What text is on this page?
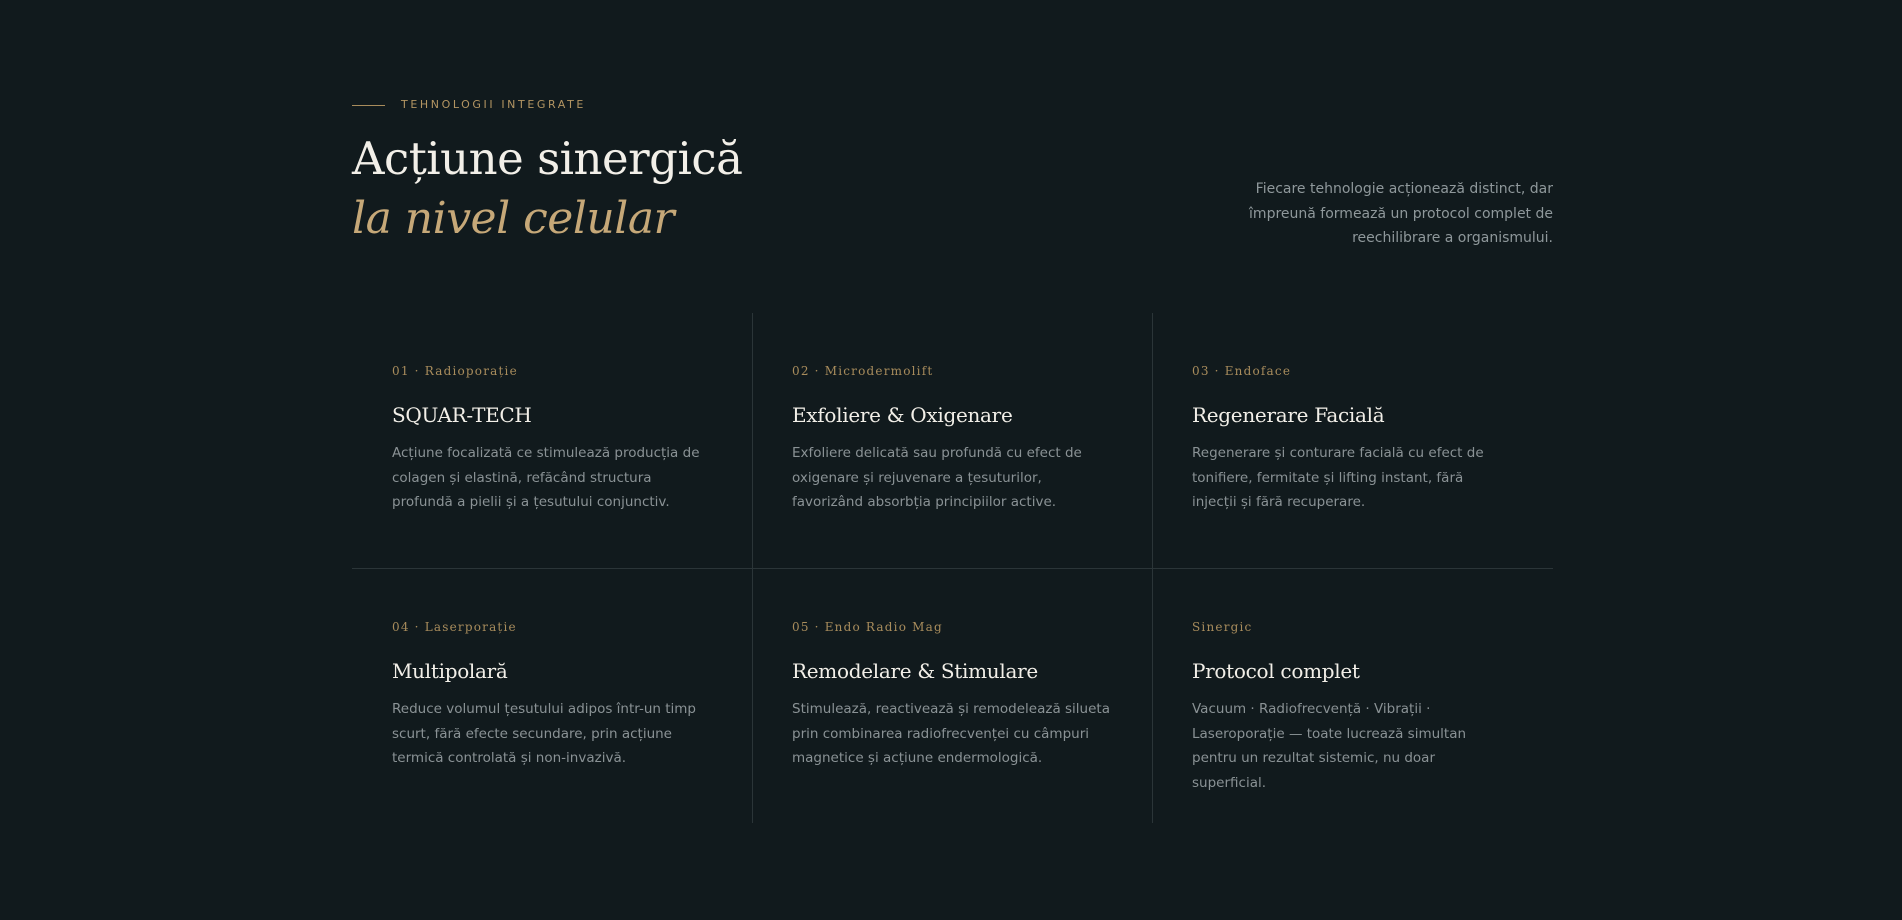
TEHNOLOGII INTEGRATE
Acțiune sinergică
la nivel celular
Fiecare tehnologie acționează distinct, dar împreună formează un protocol complet de reechilibrare a organismului.
01 · Radioporație
SQUAR-TECH
Acțiune focalizată ce stimulează producția de colagen și elastină, refăcând structura profundă a pielii și a țesutului conjunctiv.
02 · Microdermolift
Exfoliere & Oxigenare
Exfoliere delicată sau profundă cu efect de oxigenare și rejuvenare a țesuturilor, favorizând absorbția principiilor active.
03 · Endoface
Regenerare Facială
Regenerare și conturare facială cu efect de tonifiere, fermitate și lifting instant, fără injecții și fără recuperare.
04 · Laserporație
Multipolară
Reduce volumul țesutului adipos într-un timp scurt, fără efecte secundare, prin acțiune termică controlată și non-invazivă.
05 · Endo Radio Mag
Remodelare & Stimulare
Stimulează, reactivează și remodelează silueta prin combinarea radiofrecvenței cu câmpuri magnetice și acțiune endermologică.
Sinergic
Protocol complet
Vacuum · Radiofrecvență · Vibrații · Laseroporație — toate lucrează simultan pentru un rezultat sistemic, nu doar superficial.
